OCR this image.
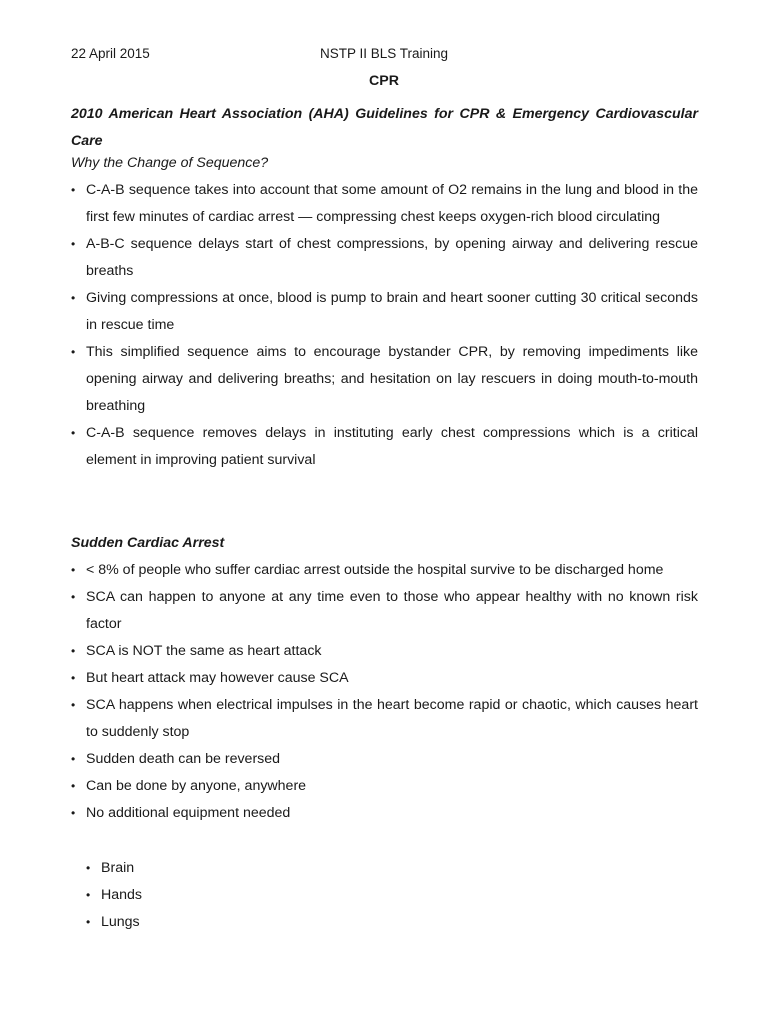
22 April 2015	NSTP II BLS Training
CPR
2010 American Heart Association (AHA) Guidelines for CPR & Emergency Cardiovascular Care
Why the Change of Sequence?
• C-A-B sequence takes into account that some amount of O2 remains in the lung and blood in the first few minutes of cardiac arrest — compressing chest keeps oxygen-rich blood circulating
• A-B-C sequence delays start of chest compressions, by opening airway and delivering rescue breaths
• Giving compressions at once, blood is pump to brain and heart sooner cutting 30 critical seconds in rescue time
• This simplified sequence aims to encourage bystander CPR, by removing impediments like opening airway and delivering breaths; and hesitation on lay rescuers in doing mouth-to-mouth breathing
• C-A-B sequence removes delays in instituting early chest compressions which is a critical element in improving patient survival
Sudden Cardiac Arrest
• < 8% of people who suffer cardiac arrest outside the hospital survive to be discharged home
• SCA can happen to anyone at any time even to those who appear healthy with no known risk factor
• SCA is NOT the same as heart attack
• But heart attack may however cause SCA
• SCA happens when electrical impulses in the heart become rapid or chaotic, which causes heart to suddenly stop
• Sudden death can be reversed
• Can be done by anyone, anywhere
• No additional equipment needed
• Brain
• Hands
• Lungs
